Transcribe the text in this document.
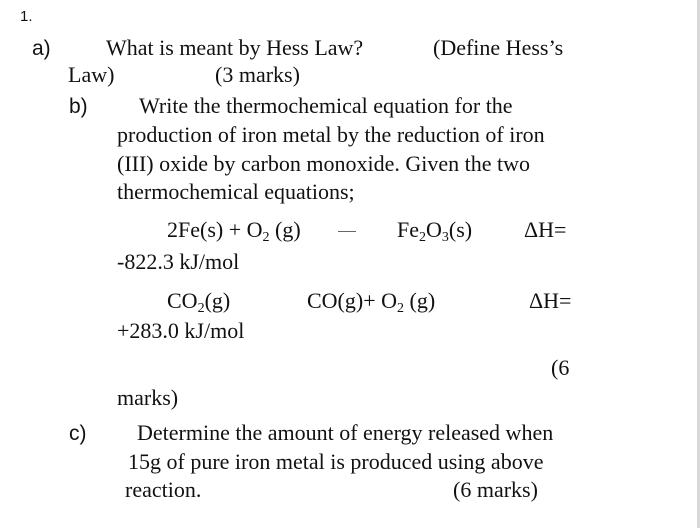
1.
a)	What is meant by Hess Law?	(Define Hess’s
Law)	(3 marks)
b) Write the thermochemical equation for the
production of iron metal by the reduction of iron
(III) oxide by carbon monoxide. Given the two
thermochemical equations;
$2Fe(s) + O_2$ (g)	$Fe_2O_3(s)$ ΔH=
-822.3 kJ/mol
$CO_2(g)$	$CO(g)+ O_2$ (g)	ΔH=
+283.0 kJ/mol
(6
marks)
c) Determine the amount of energy released when
15g of pure iron metal is produced using above
reaction.	(6 marks)
